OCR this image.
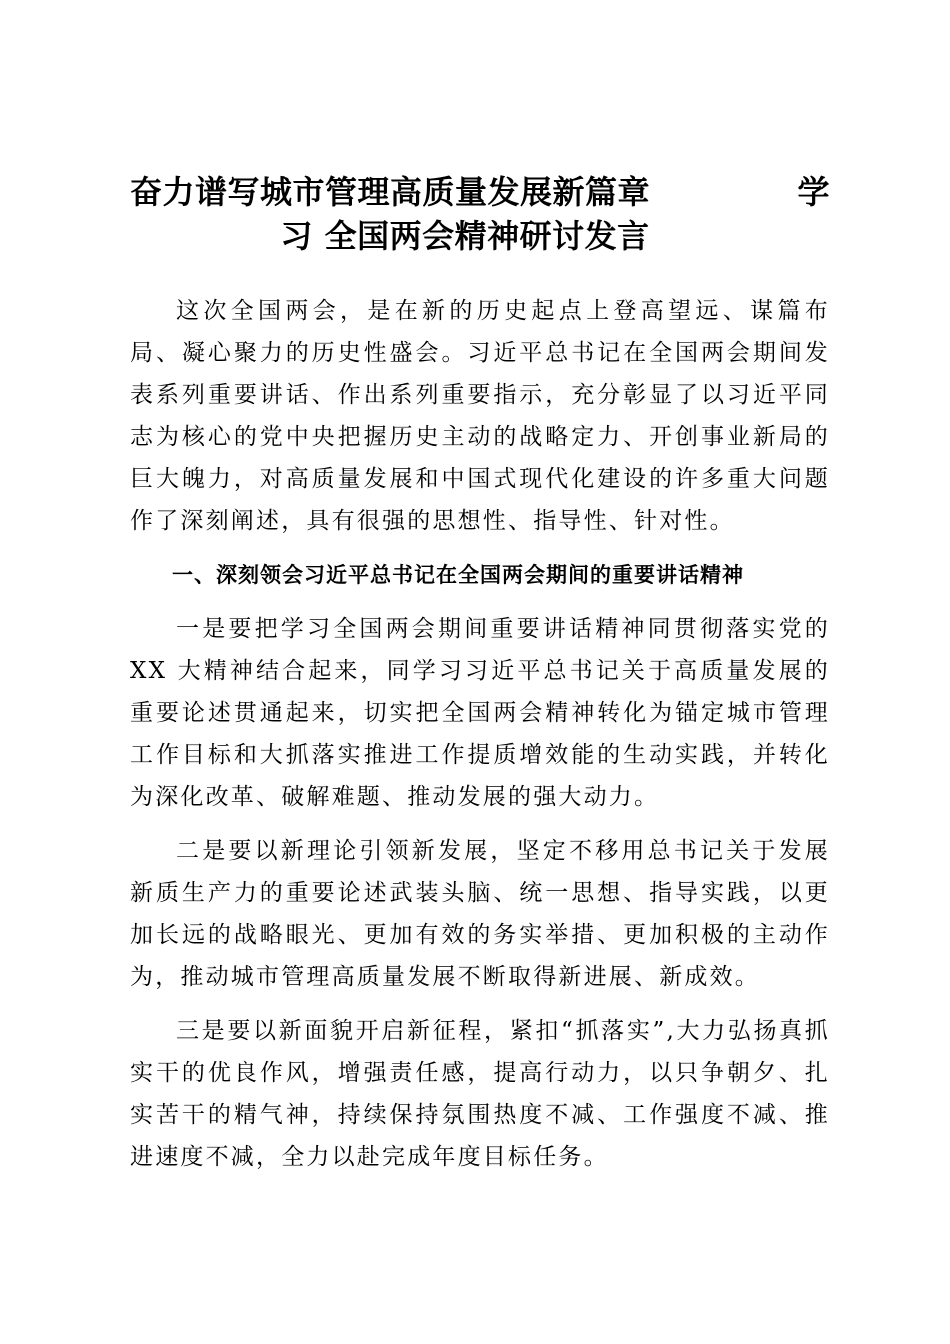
奋力谱写城市管理高质量发展新篇章	学
习 全国两会精神研讨发言

这次全国两会，是在新的历史起点上登高望远、谋篇布局、凝心聚力的历史性盛会。习近平总书记在全国两会期间发表系列重要讲话、作出系列重要指示，充分彰显了以习近平同志为核心的党中央把握历史主动的战略定力、开创事业新局的巨大魄力，对高质量发展和中国式现代化建设的许多重大问题作了深刻阐述，具有很强的思想性、指导性、针对性。

一、深刻领会习近平总书记在全国两会期间的重要讲话精神

一是要把学习全国两会期间重要讲话精神同贯彻落实党的XX 大精神结合起来，同学习习近平总书记关于高质量发展的重要论述贯通起来，切实把全国两会精神转化为锚定城市管理工作目标和大抓落实推进工作提质增效能的生动实践，并转化为深化改革、破解难题、推动发展的强大动力。

二是要以新理论引领新发展，坚定不移用总书记关于发展新质生产力的重要论述武装头脑、统一思想、指导实践，以更加长远的战略眼光、更加有效的务实举措、更加积极的主动作为，推动城市管理高质量发展不断取得新进展、新成效。

三是要以新面貌开启新征程，紧扣“抓落实”,大力弘扬真抓实干的优良作风，增强责任感，提高行动力，以只争朝夕、扎实苦干的精气神，持续保持氛围热度不减、工作强度不减、推进速度不减，全力以赴完成年度目标任务。
